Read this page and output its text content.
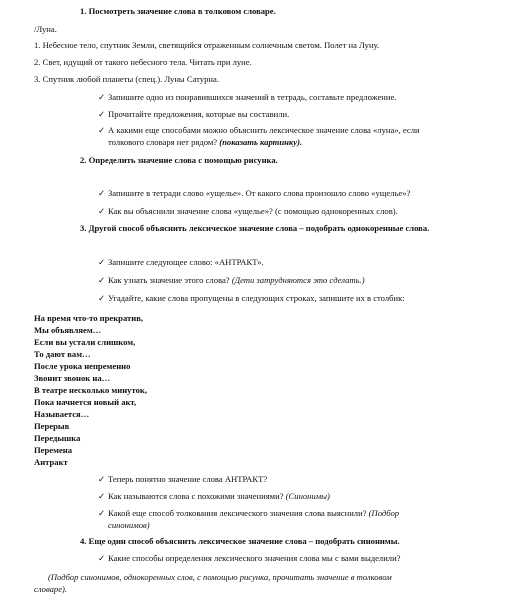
1. Посмотреть значение слова в толковом словаре.
/Луна.
1. Небесное тело, спутник Земли, светящийся отраженным солнечным светом. Полет на Луну.
2. Свет, идущий от такого небесного тела. Читать при луне.
3. Спутник любой планеты (спец.). Луны Сатурна.
✓ Запишите одно из понравившихся значений в тетрадь, составьте предложение.
✓ Прочитайте предложения, которые вы составили.
✓ А какими еще способами можно объяснить лексическое значение слова «луна», если
толкового словаря нет рядом? (показать картинку).
2. Определить значение слова с помощью рисунка.
✓ Запишите в тетради слово «ущелье». От какого слова произошло слово «ущелье»?
✓ Как вы объяснили значение слова «ущелье»? (с помощью однокоренных слов).
3. Другой способ объяснить лексическое значение слова – подобрать однокоренные слова.
✓ Запишите следующее слово: «АНТРАКТ».
✓ Как узнать значение этого слова? (Дети затрудняются это сделать.)
✓ Угадайте, какие слова пропущены в следующих строках, запишите их в столбик:
На время что-то прекратив,
Мы объявляем…
Если вы устали слишком,
То дают вам…
После урока непременно
Звонит звонок на…
В театре несколько минуток,
Пока начнется новый акт,
Называется…
Перерыв
Передышка
Перемена
Антракт
✓ Теперь понятно значение слова АНТРАКТ?
✓ Как называются слова с похожими значениями? (Синонимы)
✓ Какой еще способ толкования лексического значения слова выяснили? (Подбор
синонимов)
4. Еще один способ объяснить лексическое значение слова – подобрать синонимы.
✓ Какие способы определения лексического значения слова мы с вами выделили?
(Подбор синонимов, однокоренных слов, с помощью рисунка, прочитать значение в толковом
словаре).
